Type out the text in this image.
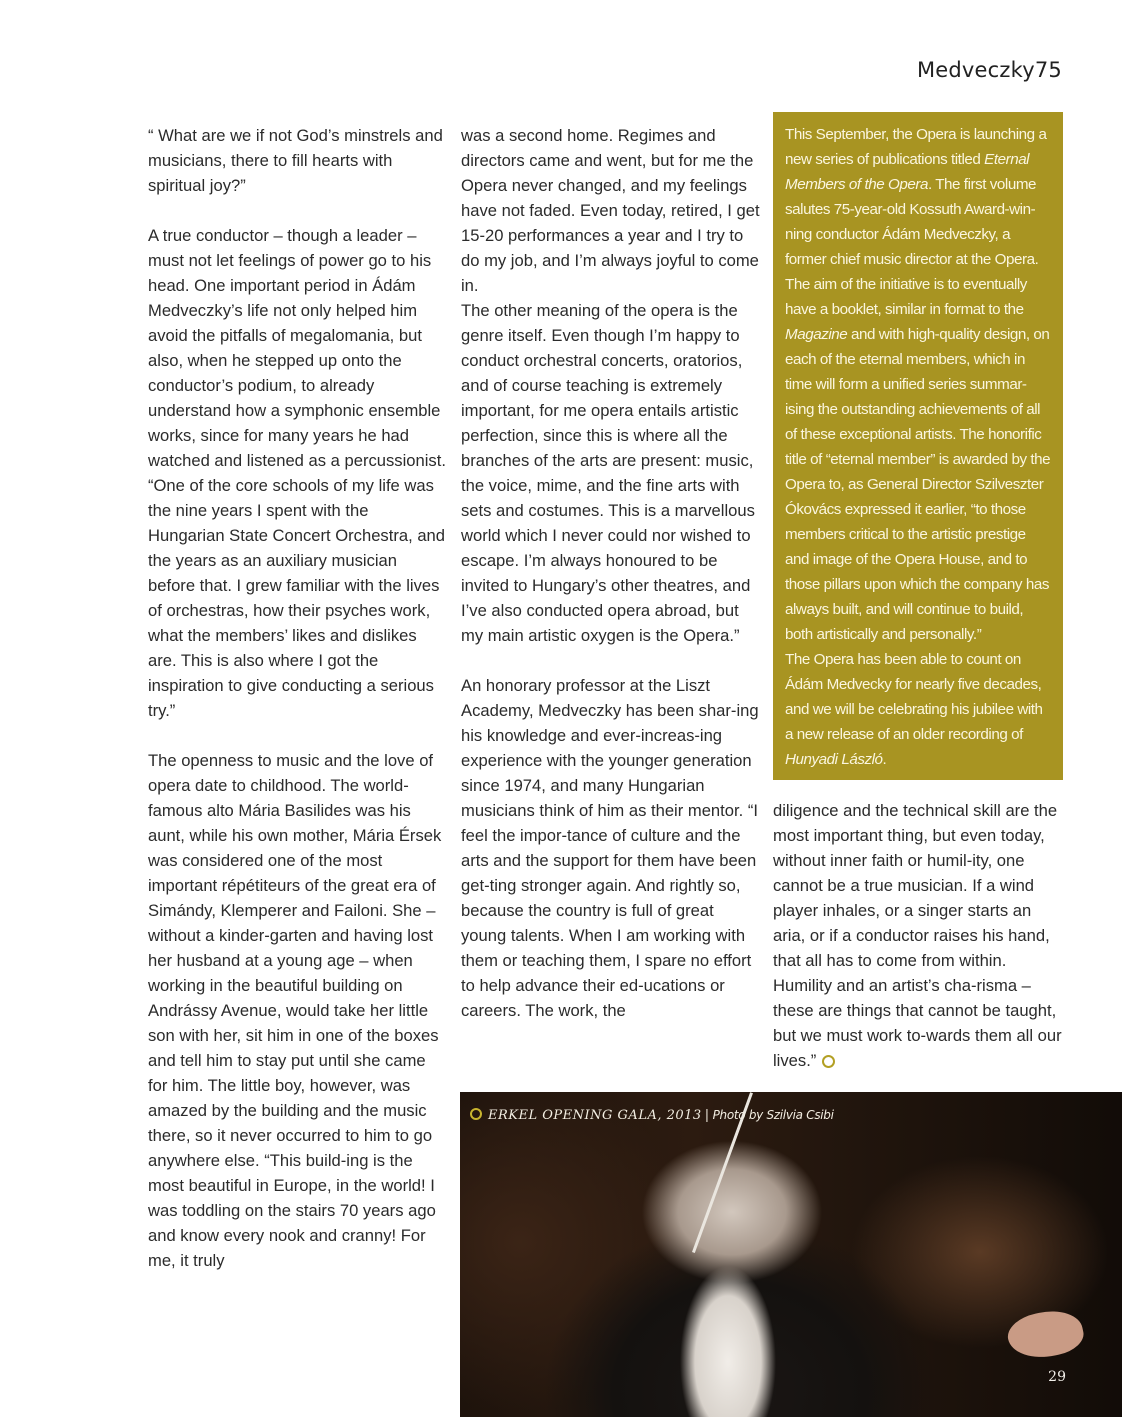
Medveczky75

“ What are we if not God’s minstrels and musicians, there to fill hearts with spiritual joy?”

A true conductor – though a leader – must not let feelings of power go to his head. One important period in Ádám Medveczky’s life not only helped him avoid the pitfalls of megalomania, but also, when he stepped up onto the conductor’s podium, to already understand how a symphonic ensemble works, since for many years he had watched and listened as a percussionist.

“One of the core schools of my life was the nine years I spent with the Hungarian State Concert Orchestra, and the years as an auxiliary musician before that. I grew familiar with the lives of orchestras, how their psyches work, what the members’ likes and dislikes are. This is also where I got the inspiration to give conducting a serious try.”

The openness to music and the love of opera date to childhood. The world-famous alto Mária Basilides was his aunt, while his own mother, Mária Érsek was considered one of the most important répétiteurs of the great era of Simándy, Klemperer and Failoni. She – without a kinder-garten and having lost her husband at a young age – when working in the beautiful building on Andrássy Avenue, would take her little son with her, sit him in one of the boxes and tell him to stay put until she came for him. The little boy, however, was amazed by the building and the music there, so it never occurred to him to go anywhere else. “This build-ing is the most beautiful in Europe, in the world! I was toddling on the stairs 70 years ago and know every nook and cranny! For me, it truly

was a second home. Regimes and directors came and went, but for me the Opera never changed, and my feelings have not faded. Even today, retired, I get 15-20 performances a year and I try to do my job, and I’m always joyful to come in.

The other meaning of the opera is the genre itself. Even though I’m happy to conduct orchestral concerts, oratorios, and of course teaching is extremely important, for me opera entails artistic perfection, since this is where all the branches of the arts are present: music, the voice, mime, and the fine arts with sets and costumes. This is a marvellous world which I never could nor wished to escape. I’m always honoured to be invited to Hungary’s other theatres, and I’ve also conducted opera abroad, but my main artistic oxygen is the Opera.”

An honorary professor at the Liszt Academy, Medveczky has been shar-ing his knowledge and ever-increas-ing experience with the younger generation since 1974, and many Hungarian musicians think of him as their mentor. “I feel the impor-tance of culture and the arts and the support for them have been get-ting stronger again. And rightly so, because the country is full of great young talents. When I am working with them or teaching them, I spare no effort to help advance their ed-ucations or careers. The work, the

This September, the Opera is launching a new series of publications titled Eternal Members of the Opera. The first volume salutes 75-year-old Kossuth Award-win-ning conductor Ádám Medveczky, a former chief music director at the Opera. The aim of the initiative is to eventually have a booklet, similar in format to the Magazine and with high-quality design, on each of the eternal members, which in time will form a unified series summar-ising the outstanding achievements of all of these exceptional artists. The honorific title of “eternal member” is awarded by the Opera to, as General Director Szilveszter Ókovács expressed it earlier, “to those members critical to the artistic prestige and image of the Opera House, and to those pillars upon which the company has always built, and will continue to build, both artistically and personally.”

The Opera has been able to count on Ádám Medvecky for nearly five decades, and we will be celebrating his jubilee with a new release of an older recording of Hunyadi László.

diligence and the technical skill are the most important thing, but even today, without inner faith or humil-ity, one cannot be a true musician. If a wind player inhales, or a singer starts an aria, or if a conductor raises his hand, that all has to come from within. Humility and an artist’s cha-risma – these are things that cannot be taught, but we must work to-wards them all our lives.”

ERKEL OPENING GALA, 2013 | Photo by Szilvia Csibi
29
